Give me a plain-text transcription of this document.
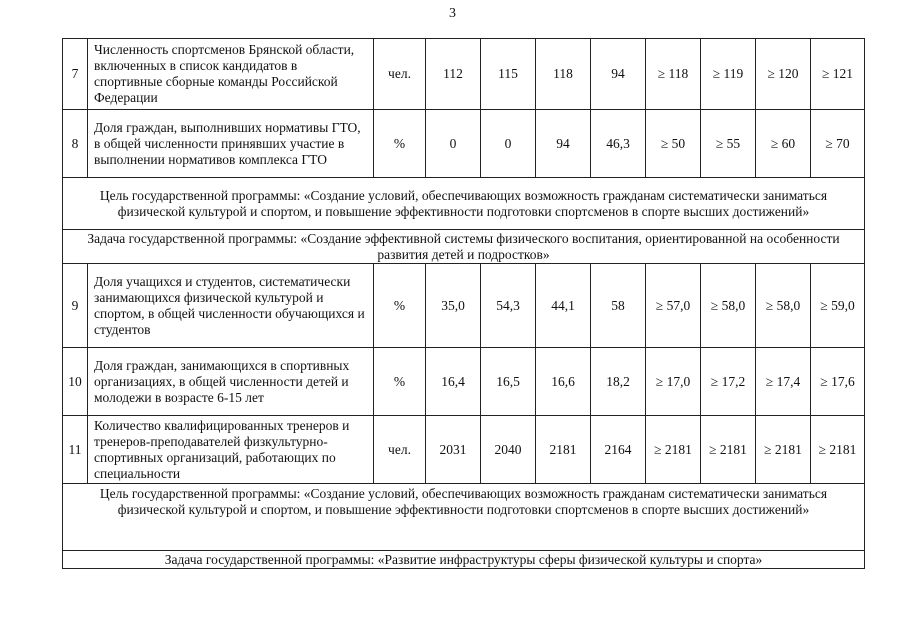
3
7	Численность спортсменов Брянской области, включенных в список кандидатов в спортивные сборные команды Российской Федерации	чел.	112	115	118	94	≥ 118	≥ 119	≥ 120	≥ 121
8	Доля граждан, выполнивших нормативы ГТО, в общей численности принявших участие в выполнении нормативов комплекса ГТО	%	0	0	94	46,3	≥ 50	≥ 55	≥ 60	≥ 70
Цель государственной программы: «Создание условий, обеспечивающих возможность гражданам систематически заниматься физической культурой и спортом, и повышение эффективности подготовки спортсменов в спорте высших достижений»										
Задача государственной программы: «Создание эффективной системы физического воспитания, ориентированной на особенности развития детей и подростков»										
9	Доля учащихся и студентов, систематически занимающихся физической культурой и спортом, в общей численности обучающихся и студентов	%	35,0	54,3	44,1	58	≥ 57,0	≥ 58,0	≥ 58,0	≥ 59,0
10	Доля граждан, занимающихся в спортивных организациях, в общей численности детей и молодежи в возрасте 6-15 лет	%	16,4	16,5	16,6	18,2	≥ 17,0	≥ 17,2	≥ 17,4	≥ 17,6
11	Количество квалифицированных тренеров и тренеров-преподавателей физкультурно-спортивных организаций, работающих по специальности	чел.	2031	2040	2181	2164	≥ 2181	≥ 2181	≥ 2181	≥ 2181
Цель государственной программы: «Создание условий, обеспечивающих возможность гражданам систематически заниматься физической культурой и спортом, и повышение эффективности подготовки спортсменов в спорте высших достижений»										
Задача государственной программы: «Развитие инфраструктуры сферы физической культуры и спорта»										
